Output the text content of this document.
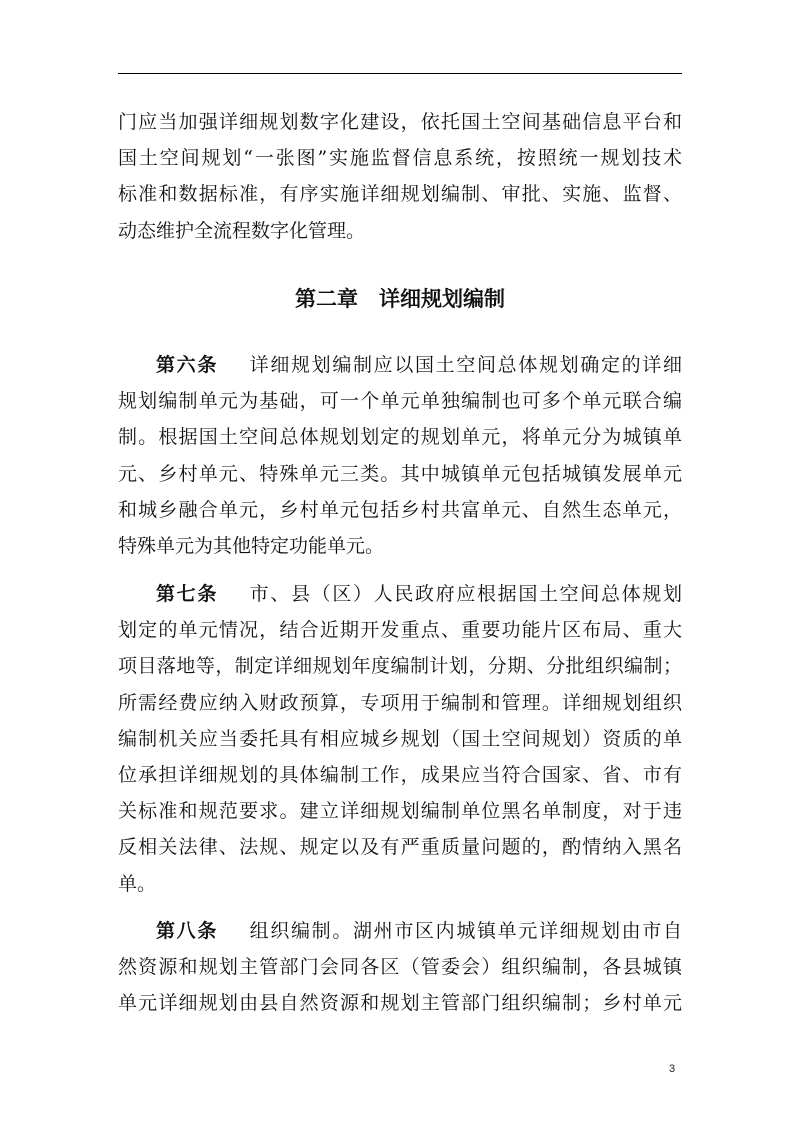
门应当加强详细规划数字化建设，依托国土空间基础信息平台和

国土空间规划“一张图”实施监督信息系统，按照统一规划技术

标准和数据标准，有序实施详细规划编制、审批、实施、监督、

动态维护全流程数字化管理。

第二章　详细规划编制

第六条 详细规划编制应以国土空间总体规划确定的详细

规划编制单元为基础，可一个单元单独编制也可多个单元联合编

制。根据国土空间总体规划划定的规划单元，将单元分为城镇单

元、乡村单元、特殊单元三类。其中城镇单元包括城镇发展单元

和城乡融合单元，乡村单元包括乡村共富单元、自然生态单元，

特殊单元为其他特定功能单元。

第七条 市、县（区）人民政府应根据国土空间总体规划

划定的单元情况，结合近期开发重点、重要功能片区布局、重大

项目落地等，制定详细规划年度编制计划，分期、分批组织编制；

所需经费应纳入财政预算，专项用于编制和管理。详细规划组织

编制机关应当委托具有相应城乡规划（国土空间规划）资质的单

位承担详细规划的具体编制工作，成果应当符合国家、省、市有

关标准和规范要求。建立详细规划编制单位黑名单制度，对于违

反相关法律、法规、规定以及有严重质量问题的，酌情纳入黑名

单。

第八条 组织编制。湖州市区内城镇单元详细规划由市自

然资源和规划主管部门会同各区（管委会）组织编制，各县城镇

单元详细规划由县自然资源和规划主管部门组织编制；乡村单元

3
